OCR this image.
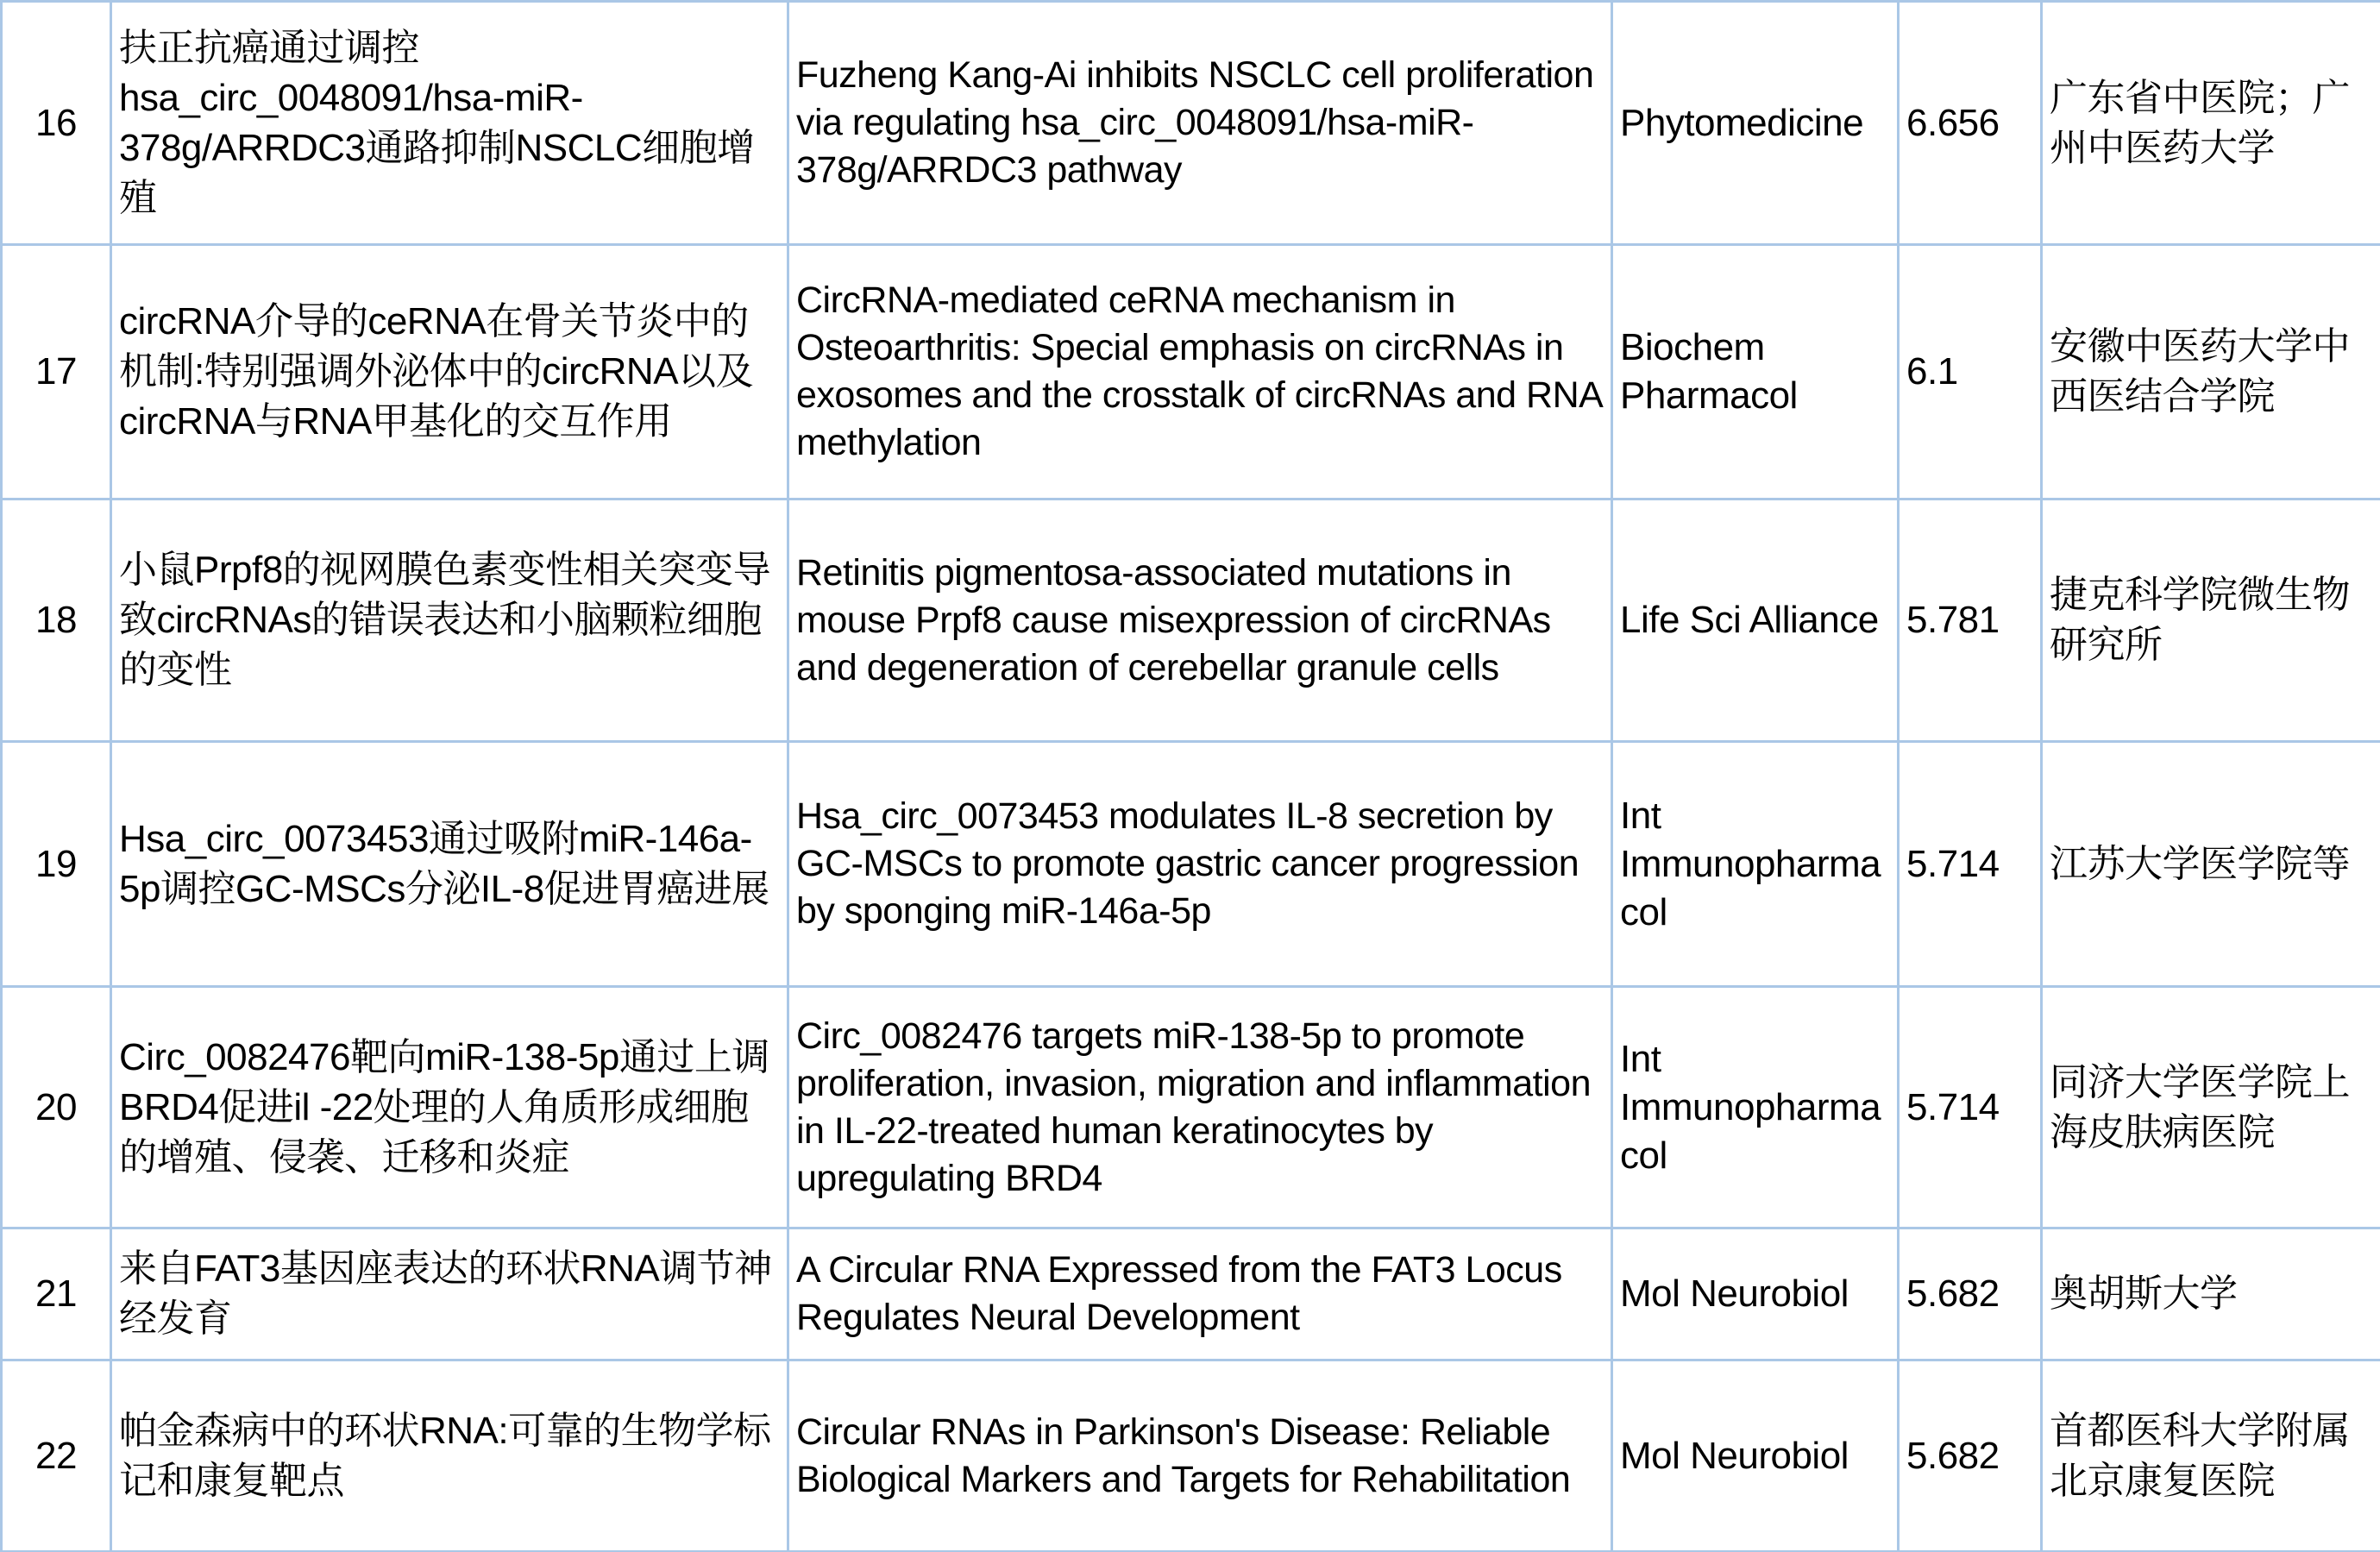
16	扶正抗癌通过调控hsa_circ_0048091/hsa-miR-378g/ARRDC3通路抑制NSCLC细胞增殖	Fuzheng Kang-Ai inhibits NSCLC cell proliferation via regulating hsa_circ_0048091/hsa-miR-378g/ARRDC3 pathway	Phytomedicine	6.656	广东省中医院；广州中医药大学
17	circRNA介导的ceRNA在骨关节炎中的机制:特别强调外泌体中的circRNA以及circRNA与RNA甲基化的交互作用	CircRNA-mediated ceRNA mechanism in Osteoarthritis: Special emphasis on circRNAs in exosomes and the crosstalk of circRNAs and RNA methylation	Biochem Pharmacol	6.1	安徽中医药大学中西医结合学院
18	小鼠Prpf8的视网膜色素变性相关突变导致circRNAs的错误表达和小脑颗粒细胞的变性	Retinitis pigmentosa-associated mutations in mouse Prpf8 cause misexpression of circRNAs and degeneration of cerebellar granule cells	Life Sci Alliance	5.781	捷克科学院微生物研究所
19	Hsa_circ_0073453通过吸附miR-146a-5p调控GC-MSCs分泌IL-8促进胃癌进展	Hsa_circ_0073453 modulates IL-8 secretion by GC-MSCs to promote gastric cancer progression by sponging miR-146a-5p	Int Immunopharmacol	5.714	江苏大学医学院等
20	Circ_0082476靶向miR-138-5p通过上调BRD4促进il -22处理的人角质形成细胞的增殖、侵袭、迁移和炎症	Circ_0082476 targets miR-138-5p to promote proliferation, invasion, migration and inflammation in IL-22-treated human keratinocytes by upregulating BRD4	Int Immunopharmacol	5.714	同济大学医学院上海皮肤病医院
21	来自FAT3基因座表达的环状RNA调节神经发育	A Circular RNA Expressed from the FAT3 Locus Regulates Neural Development	Mol Neurobiol	5.682	奥胡斯大学
22	帕金森病中的环状RNA:可靠的生物学标记和康复靶点	Circular RNAs in Parkinson's Disease: Reliable Biological Markers and Targets for Rehabilitation	Mol Neurobiol	5.682	首都医科大学附属北京康复医院
